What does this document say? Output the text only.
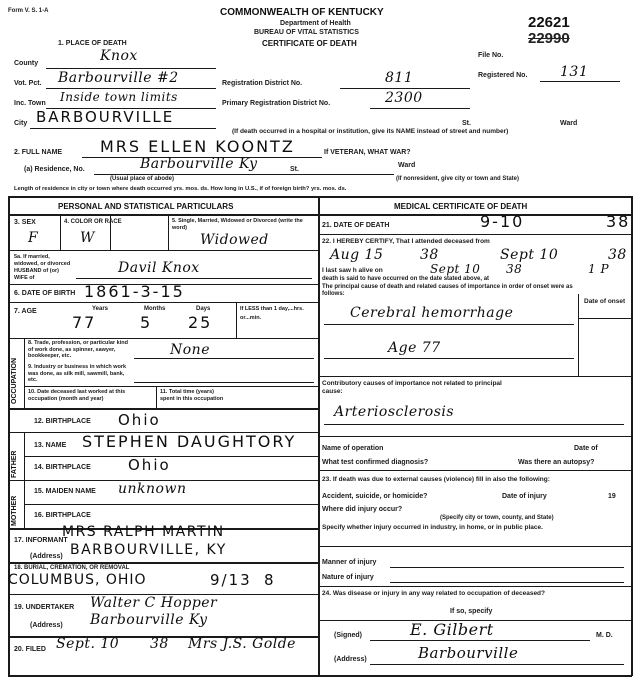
Form V. S. 1-A	COMMONWEALTH OF KENTUCKY
Department of Health
BUREAU OF VITAL STATISTICS
CERTIFICATE OF DEATH
22621
22990
File No.
Registered No. 131
1. PLACE OF DEATH
County	Knox
Vot. Pct. Barbourville #2
Inc. Town Inside town limits
City BARBOURVILLE
Registration District No.	811
Primary Registration District No.	2300
St.	Ward
(If death occurred in a hospital or institution, give its NAME instead of street and number)
2. FULL NAME MRS ELLEN KOONTZ	If VETERAN, WHAT WAR?
(a) Residence, No.	Barbourville Ky	St.
Ward
(Usual place of abode)	(If nonresident, give city or town and State)
Length of residence in city or town where death occurred yrs. mos. ds. How long in U.S., if of foreign birth? yrs. mos. ds.
PERSONAL AND STATISTICAL PARTICULARS	MEDICAL CERTIFICATE OF DEATH
3. SEX
F
4. COLOR OR RACE
W
5. Single, Married, Widowed or Divorced (write the word)
Widowed
5a. If married, widowed, or divorced HUSBAND of (or) WIFE of
Davil Knox
6. DATE OF BIRTH 1861-3-15
7. AGE	Years	Months	Days
77	5 25
If LESS than 1 day,...hrs. or...min.
OCCUPATION
8. Trade, profession, or particular kind of work done, as spinner, sawyer, bookkeeper, etc.	None
9. Industry or business in which work was done, as silk mill, sawmill, bank, etc.
10. Date deceased last worked at this occupation (month and year)
11. Total time (years) spent in this occupation
12. BIRTHPLACE Ohio
FATHER
13. NAME STEPHEN DAUGHTORY
14. BIRTHPLACE Ohio
MOTHER
15. MAIDEN NAME unknown
16. BIRTHPLACE
17. INFORMANT
MRS RALPH MARTIN
(Address) BARBOURVILLE, KY
18. BURIAL, CREMATION, OR REMOVAL
COLUMBUS, OHIO	9/13 8
19. UNDERTAKER Walter C Hopper
(Address) Barbourville Ky
20. FILED Sept. 10 38 Mrs J.S. Golde
21. DATE OF DEATH	9-10	38
22. I HEREBY CERTIFY, That I attended deceased from
Aug 15	38	Sept 10	38
I last saw h alive on	Sept 10 38	1 P
death is said to have occurred on the date stated above, at
The principal cause of death and related causes of importance in order of onset were as follows:
Date of onset
Cerebral hemorrhage
Age 77
Contributory causes of importance not related to principal cause:
Arteriosclerosis
Name of operation	Date of
What test confirmed diagnosis?	Was there an autopsy?
23. If death was due to external causes (violence) fill in also the following:
Accident, suicide, or homicide?	Date of injury	19
Where did injury occur?
(Specify city or town, county, and State)
Specify whether injury occurred in industry, in home, or in public place.
Manner of injury
Nature of injury
24. Was disease or injury in any way related to occupation of deceased?
If so, specify
(Signed)	E. Gilbert	M. D.
(Address)	Barbourville
